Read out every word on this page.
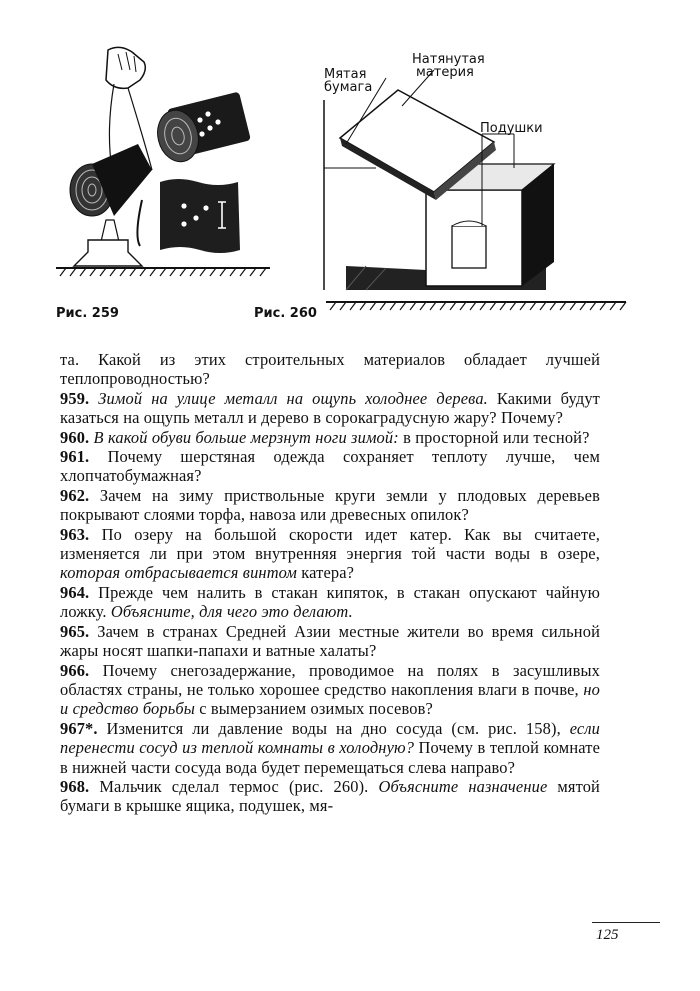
Рис. 259
Мятая
бумага
Натянутая
материя
Подушки
Рис. 260

та. Какой из этих строительных материалов обладает лучшей теплопроводностью?

959. Зимой на улице металл на ощупь холоднее дерева. Какими будут казаться на ощупь металл и дерево в сорокаградусную жару? Почему?

960. В какой обуви больше мерзнут ноги зимой: в просторной или тесной?

961. Почему шерстяная одежда сохраняет теплоту лучше, чем хлопчатобумажная?

962. Зачем на зиму приствольные круги земли у плодовых деревьев покрывают слоями торфа, навоза или древесных опилок?

963. По озеру на большой скорости идет катер. Как вы считаете, изменяется ли при этом внутренняя энергия той части воды в озере, которая отбрасывается винтом катера?

964. Прежде чем налить в стакан кипяток, в стакан опускают чайную ложку. Объясните, для чего это делают.

965. Зачем в странах Средней Азии местные жители во время сильной жары носят шапки-папахи и ватные халаты?

966. Почему снегозадержание, проводимое на полях в засушливых областях страны, не только хорошее средство накопления влаги в почве, но и средство борьбы с вымерзанием озимых посевов?

967*. Изменится ли давление воды на дно сосуда (см. рис. 158), если перенести сосуд из теплой комнаты в холодную? Почему в теплой комнате в нижней части сосуда вода будет перемещаться слева направо?

968. Мальчик сделал термос (рис. 260). Объясните назначение мятой бумаги в крышке ящика, подушек, мя-

125
